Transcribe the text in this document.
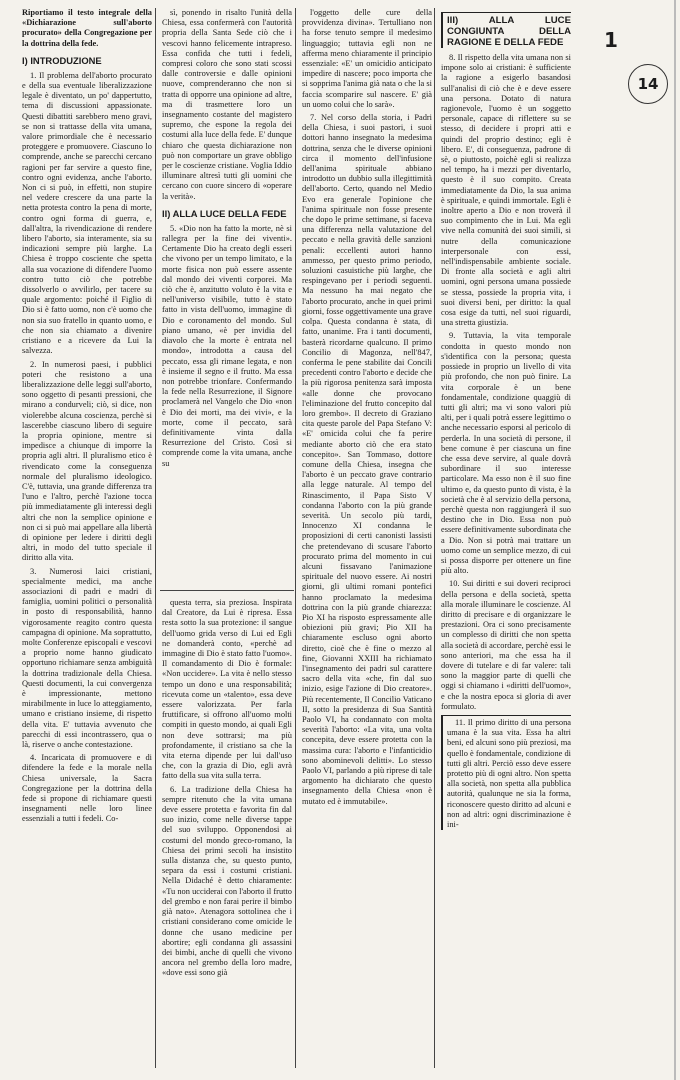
1
14

Riportiamo il testo integrale della «Dichiarazione sull'aborto procurato» della Congregazione per la dottrina della fede.

I) INTRODUZIONE

1. Il problema dell'aborto procurato e della sua eventuale liberalizzazione legale è diventato, un po' dappertutto, tema di discussioni appassionate. Questi dibattiti sarebbero meno gravi, se non si trattasse della vita umana, valore primordiale che è necessario proteggere e promuovere. Ciascuno lo comprende, anche se parecchi cercano ragioni per far servire a questo fine, contro ogni evidenza, anche l'aborto. Non ci si può, in effetti, non stupire nel vedere crescere da una parte la netta protesta contro la pena di morte, contro ogni forma di guerra, e, dall'altra, la rivendicazione di rendere libero l'aborto, sia interamente, sia su indicazioni sempre più larghe. La Chiesa è troppo cosciente che spetta alla sua vocazione di difendere l'uomo contro tutto ciò che potrebbe dissolverlo o avvilirlo, per tacere su quale argomento: poiché il Figlio di Dio si è fatto uomo, non c'è uomo che non sia suo fratello in quanto uomo, e che non sia chiamato a divenire cristiano e a ricevere da Lui la salvezza.

2. In numerosi paesi, i pubblici poteri che resistono a una liberalizzazione delle leggi sull'aborto, sono oggetto di pesanti pressioni, che mirano a condurveli; ciò, si dice, non violerebbe alcuna coscienza, perchè si lascerebbe ciascuno libero di seguire la propria opinione, mentre si impedisce a chiunque di imporre la propria agli altri. Il pluralismo etico è rivendicato come la conseguenza normale del pluralismo ideologico. C'è, tuttavia, una grande differenza tra l'uno e l'altro, perchè l'azione tocca più immediatamente gli interessi degli altri che non la semplice opinione e non ci si può mai appellare alla libertà di opinione per ledere i diritti degli altri, in modo del tutto speciale il diritto alla vita.

3. Numerosi laici cristiani, specialmente medici, ma anche associazioni di padri e madri di famiglia, uomini politici o personalità in posto di responsabilità, hanno vigorosamente reagito contro questa campagna di opinione. Ma soprattutto, molte Conferenze episcopali e vescovi a proprio nome hanno giudicato opportuno richiamare senza ambiguità la dottrina tradizionale della Chiesa. Questi documenti, la cui convergenza è impressionante, mettono mirabilmente in luce lo atteggiamento, umano e cristiano insieme, di rispetto della vita. E' tuttavia avvenuto che parecchi di essi incontrassero, qua o là, riserve o anche contestazione.

4. Incaricata di promuovere e di difendere la fede e la morale nella Chiesa universale, la Sacra Congregazione per la dottrina della fede si propone di richiamare questi insegnamenti nelle loro linee essenziali a tutti i fedeli. Co-

sì, ponendo in risalto l'unità della Chiesa, essa confermerà con l'autorità propria della Santa Sede ciò che i vescovi hanno felicemente intrapreso. Essa confida che tutti i fedeli, compresi coloro che sono stati scossi dalle controversie e dalle opinioni nuove, comprenderanno che non si tratta di opporre una opinione ad altre, ma di trasmettere loro un insegnamento costante del magistero supremo, che espone la regola dei costumi alla luce della fede. E' dunque chiaro che questa dichiarazione non può non comportare un grave obbligo per le coscienze cristiane. Voglia Iddio illuminare altresì tutti gli uomini che cercano con cuore sincero di «operare la verità».

II) ALLA LUCE DELLA FEDE

5. «Dio non ha fatto la morte, nè si rallegra per la fine dei viventi». Certamente Dio ha creato degli esseri che vivono per un tempo limitato, e la morte fisica non può essere assente dal mondo dei viventi corporei. Ma ciò che è, anzitutto voluto è la vita e nell'universo visibile, tutto è stato fatto in vista dell'uomo, immagine di Dio e coronamento del mondo. Sul piano umano, «è per invidia del diavolo che la morte è entrata nel mondo», introdotta a causa del peccato, essa gli rimane legata, e non è insieme il segno e il frutto. Ma essa non potrebbe trionfare. Confermando la fede nella Resurrezione, il Signore proclamerà nel Vangelo che Dio «non è Dio dei morti, ma dei vivi», e la morte, come il peccato, sarà definitivamente vinta dalla Resurrezione del Cristo. Così si comprende come la vita umana, anche su

questa terra, sia preziosa. Inspirata dal Creatore, da Lui è ripresa. Essa resta sotto la sua protezione: il sangue dell'uomo grida verso di Lui ed Egli ne domanderà conto, «perchè ad immagine di Dio è stato fatto l'uomo». Il comandamento di Dio è formale: «Non uccidere». La vita è nello stesso tempo un dono e una responsabilità; ricevuta come un «talento», essa deve essere valorizzata. Per farla fruttificare, si offrono all'uomo molti compiti in questo mondo, ai quali Egli non deve sottrarsi; ma più profondamente, il cristiano sa che la vita eterna dipende per lui dall'uso che, con la grazia di Dio, egli avrà fatto della sua vita sulla terra.

6. La tradizione della Chiesa ha sempre ritenuto che la vita umana deve essere protetta e favorita fin dal suo inizio, come nelle diverse tappe del suo sviluppo. Opponendosi ai costumi del mondo greco-romano, la Chiesa dei primi secoli ha insistito sulla distanza che, su questo punto, separa da essi i costumi cristiani. Nella Didaché è detto chiaramente: «Tu non ucciderai con l'aborto il frutto del grembo e non farai perire il bimbo già nato». Atenagora sottolinea che i cristiani considerano come omicide le donne che usano medicine per abortire; egli condanna gli assassini dei bimbi, anche di quelli che vivono ancora nel grembo della loro madre, «dove essi sono già

l'oggetto delle cure della provvidenza divina». Tertulliano non ha forse tenuto sempre il medesimo linguaggio; tuttavia egli non ne afferma meno chiaramente il principio essenziale: «E' un omicidio anticipato impedire di nascere; poco importa che si sopprima l'anima già nata o che la si faccia scomparire sul nascere. E' già un uomo colui che lo sarà».

7. Nel corso della storia, i Padri della Chiesa, i suoi pastori, i suoi dottori hanno insegnato la medesima dottrina, senza che le diverse opinioni circa il momento dell'infusione dell'anima spirituale abbiano introdotto un dubbio sulla illegittimità dell'aborto. Certo, quando nel Medio Evo era generale l'opinione che l'anima spirituale non fosse presente che dopo le prime settimane, si faceva una differenza nella valutazione del peccato e nella gravità delle sanzioni penali: eccellenti autori hanno ammesso, per questo primo periodo, soluzioni casuistiche più larghe, che respingevano per i periodi seguenti. Ma nessuno ha mai negato che l'aborto procurato, anche in quei primi giorni, fosse oggettivamente una grave colpa. Questa condanna è stata, di fatto, unanime. Fra i tanti documenti, basterà ricordarne qualcuno. Il primo Concilio di Magonza, nell'847, conferma le pene stabilite dai Concili precedenti contro l'aborto e decide che la più rigorosa penitenza sarà imposta «alle donne che provocano l'eliminazione del frutto concepito dal loro grembo». Il decreto di Graziano cita queste parole del Papa Stefano V: «E' omicida colui che fa perire mediante aborto ciò che era stato concepito». San Tommaso, dottore comune della Chiesa, insegna che l'aborto è un peccato grave contrario alla legge naturale. Al tempo del Rinascimento, il Papa Sisto V condanna l'aborto con la più grande severità. Un secolo più tardi, Innocenzo XI condanna le proposizioni di certi canonisti lassisti che pretendevano di scusare l'aborto procurato prima del momento in cui alcuni fissavano l'animazione spirituale del nuovo essere. Ai nostri giorni, gli ultimi romani pontefici hanno proclamato la medesima dottrina con la più grande chiarezza: Pio XI ha risposto espressamente alle obiezioni più gravi; Pio XII ha chiaramente escluso ogni aborto diretto, cioè che è fine o mezzo al fine, Giovanni XXIII ha richiamato l'insegnamento dei padri sul carattere sacro della vita «che, fin dal suo inizio, esige l'azione di Dio creatore». Più recentemente, Il Concilio Vaticano II, sotto la presidenza di Sua Santità Paolo VI, ha condannato con molta severità l'aborto: «La vita, una volta concepita, deve essere protetta con la massima cura: l'aborto e l'infanticidio sono abominevoli delitti». Lo stesso Paolo VI, parlando a più riprese di tale argomento ha dichiarato che questo insegnamento della Chiesa «non è mutato ed è immutabile».

III) ALLA LUCE CONGIUNTA DELLA RAGIONE E DELLA FEDE

8. Il rispetto della vita umana non si impone solo ai cristiani: è sufficiente la ragione a esigerlo basandosi sull'analisi di ciò che è e deve essere una persona. Dotato di natura ragionevole, l'uomo è un soggetto personale, capace di riflettere su se stesso, di decidere i propri atti e quindi del proprio destino; egli è libero. E', di conseguenza, padrone di sè, o piuttosto, poichè egli si realizza nel tempo, ha i mezzi per diventarlo, questo è il suo compito. Creata immediatamente da Dio, la sua anima è spirituale, e quindi immortale. Egli è inoltre aperto a Dio e non troverà il suo compimento che in Lui. Ma egli vive nella comunità dei suoi simili, si nutre della comunicazione interpersonale con essi, nell'indispensabile ambiente sociale. Di fronte alla società e agli altri uomini, ogni persona umana possiede se stessa, possiede la propria vita, i suoi diversi beni, per diritto: la qual cosa esige da tutti, nel suoi riguardi, una stretta giustizia.

9. Tuttavia, la vita temporale condotta in questo mondo non s'identifica con la persona; questa possiede in proprio un livello di vita più profondo, che non può finire. La vita corporale è un bene fondamentale, condizione quaggiù di tutti gli altri; ma vi sono valori più alti, per i quali potrà essere legittimo o anche necessario esporsi al pericolo di perderla. In una società di persone, il bene comune è per ciascuna un fine che essa deve servire, al quale dovrà subordinare il suo interesse particolare. Ma esso non è il suo fine ultimo e, da questo punto di vista, è la società che è al servizio della persona, perchè questa non raggiungerà il suo destino che in Dio. Essa non può essere definitivamente subordinata che a Dio. Non si potrà mai trattare un uomo come un semplice mezzo, di cui si possa disporre per ottenere un fine più alto.

10. Sui diritti e sui doveri reciproci della persona e della società, spetta alla morale illuminare le coscienze. Al diritto di precisare e di organizzare le prestazioni. Ora ci sono precisamente un complesso di diritti che non spetta alla società di accordare, perchè essi le sono anteriori, ma che essa ha il dovere di tutelare e di far valere: tali sono la maggior parte di quelli che oggi si chiamano i «diritti dell'uomo», e che la nostra epoca si gloria di aver formulato.

11. Il primo diritto di una persona umana è la sua vita. Essa ha altri beni, ed alcuni sono più preziosi, ma quello è fondamentale, condizione di tutti gli altri. Perciò esso deve essere protetto più di ogni altro. Non spetta alla società, non spetta alla pubblica autorità, qualunque ne sia la forma, riconoscere questo diritto ad alcuni e non ad altri: ogni discriminazione è ini-
